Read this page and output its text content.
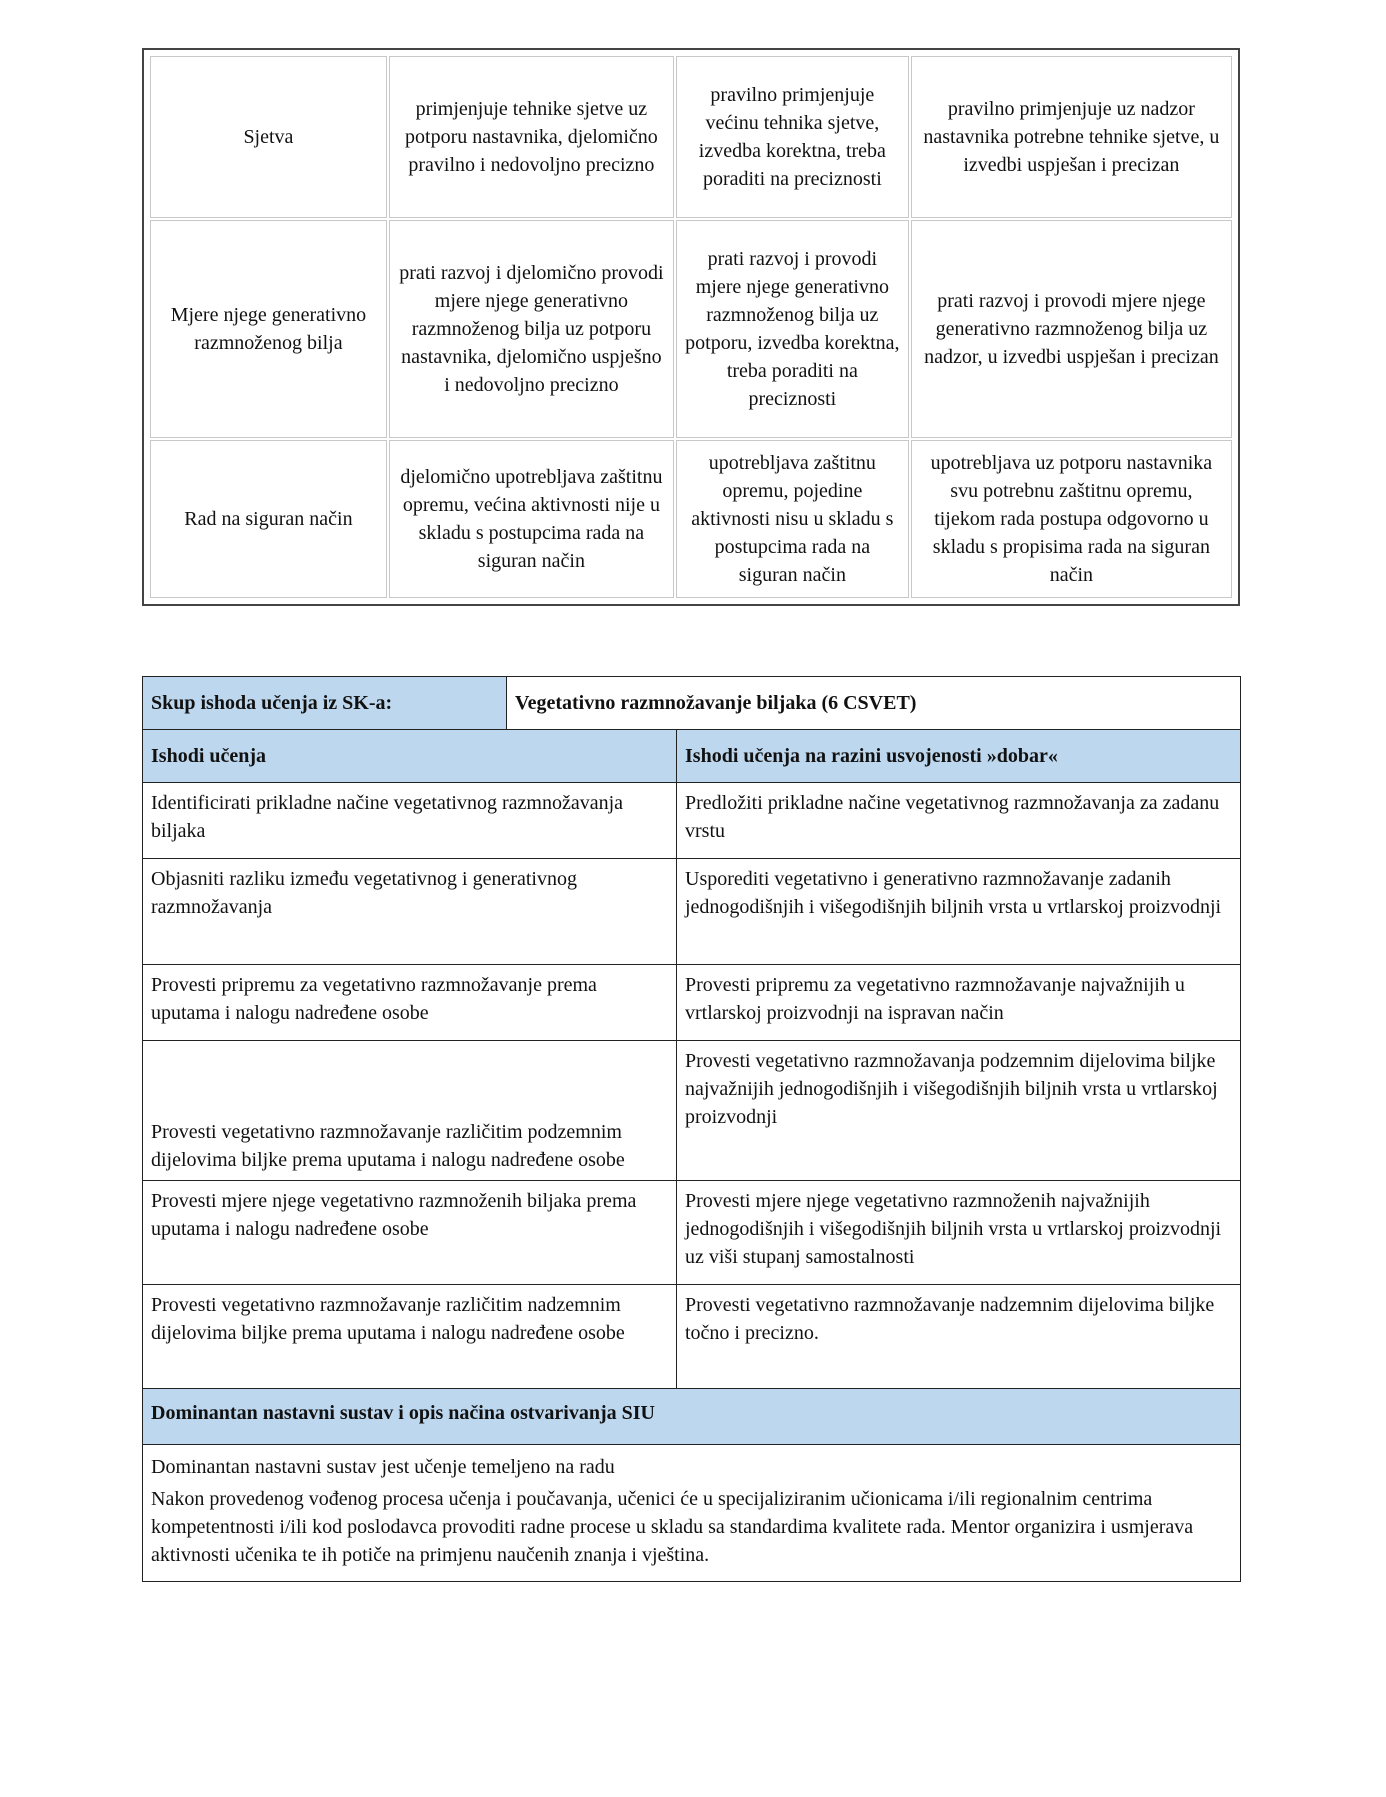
Sjetva	primjenjuje tehnike sjetve uz potporu nastavnika, djelomično pravilno i nedovoljno precizno	pravilno primjenjuje većinu tehnika sjetve, izvedba korektna, treba poraditi na preciznosti	pravilno primjenjuje uz nadzor nastavnika potrebne tehnike sjetve, u izvedbi uspješan i precizan
Mjere njege generativno razmnoženog bilja	prati razvoj i djelomično provodi mjere njege generativno razmnoženog bilja uz potporu nastavnika, djelomično uspješno i nedovoljno precizno	prati razvoj i provodi mjere njege generativno razmnoženog bilja uz potporu, izvedba korektna, treba poraditi na preciznosti	prati razvoj i provodi mjere njege generativno razmnoženog bilja uz nadzor, u izvedbi uspješan i precizan
Rad na siguran način	djelomično upotrebljava zaštitnu opremu, većina aktivnosti nije u skladu s postupcima rada na siguran način	upotrebljava zaštitnu opremu, pojedine aktivnosti nisu u skladu s postupcima rada na siguran način	upotrebljava uz potporu nastavnika svu potrebnu zaštitnu opremu, tijekom rada postupa odgovorno u skladu s propisima rada na siguran način
Skup ishoda učenja iz SK-a:	Vegetativno razmnožavanje biljaka (6 CSVET)	
Ishodi učenja		Ishodi učenja na razini usvojenosti »dobar«
Identificirati prikladne načine vegetativnog razmnožavanja biljaka		Predložiti prikladne načine vegetativnog razmnožavanja za zadanu vrstu
Objasniti razliku između vegetativnog i generativnog razmnožavanja		Usporediti vegetativno i generativno razmnožavanje zadanih jednogodišnjih i višegodišnjih biljnih vrsta u vrtlarskoj proizvodnji
Provesti pripremu za vegetativno razmnožavanje prema uputama i nalogu nadređene osobe		Provesti pripremu za vegetativno razmnožavanje najvažnijih u vrtlarskoj proizvodnji na ispravan način
Provesti vegetativno razmnožavanje različitim podzemnim dijelovima biljke prema uputama i nalogu nadređene osobe		Provesti vegetativno razmnožavanja podzemnim dijelovima biljke najvažnijih jednogodišnjih i višegodišnjih biljnih vrsta u vrtlarskoj proizvodnji
Provesti mjere njege vegetativno razmnoženih biljaka prema uputama i nalogu nadređene osobe		Provesti mjere njege vegetativno razmnoženih najvažnijih jednogodišnjih i višegodišnjih biljnih vrsta u vrtlarskoj proizvodnji uz viši stupanj samostalnosti
Provesti vegetativno razmnožavanje različitim nadzemnim dijelovima biljke prema uputama i nalogu nadređene osobe		Provesti vegetativno razmnožavanje nadzemnim dijelovima biljke točno i precizno.
Dominantan nastavni sustav i opis načina ostvarivanja SIU		

Dominantan nastavni sustav jest učenje temeljeno na radu

Nakon provedenog vođenog procesa učenja i poučavanja, učenici će u specijaliziranim učionicama i/ili regionalnim centrima kompetentnosti i/ili kod poslodavca provoditi radne procese u skladu sa standardima kvalitete rada. Mentor organizira i usmjerava aktivnosti učenika te ih potiče na primjenu naučenih znanja i vještina.		
